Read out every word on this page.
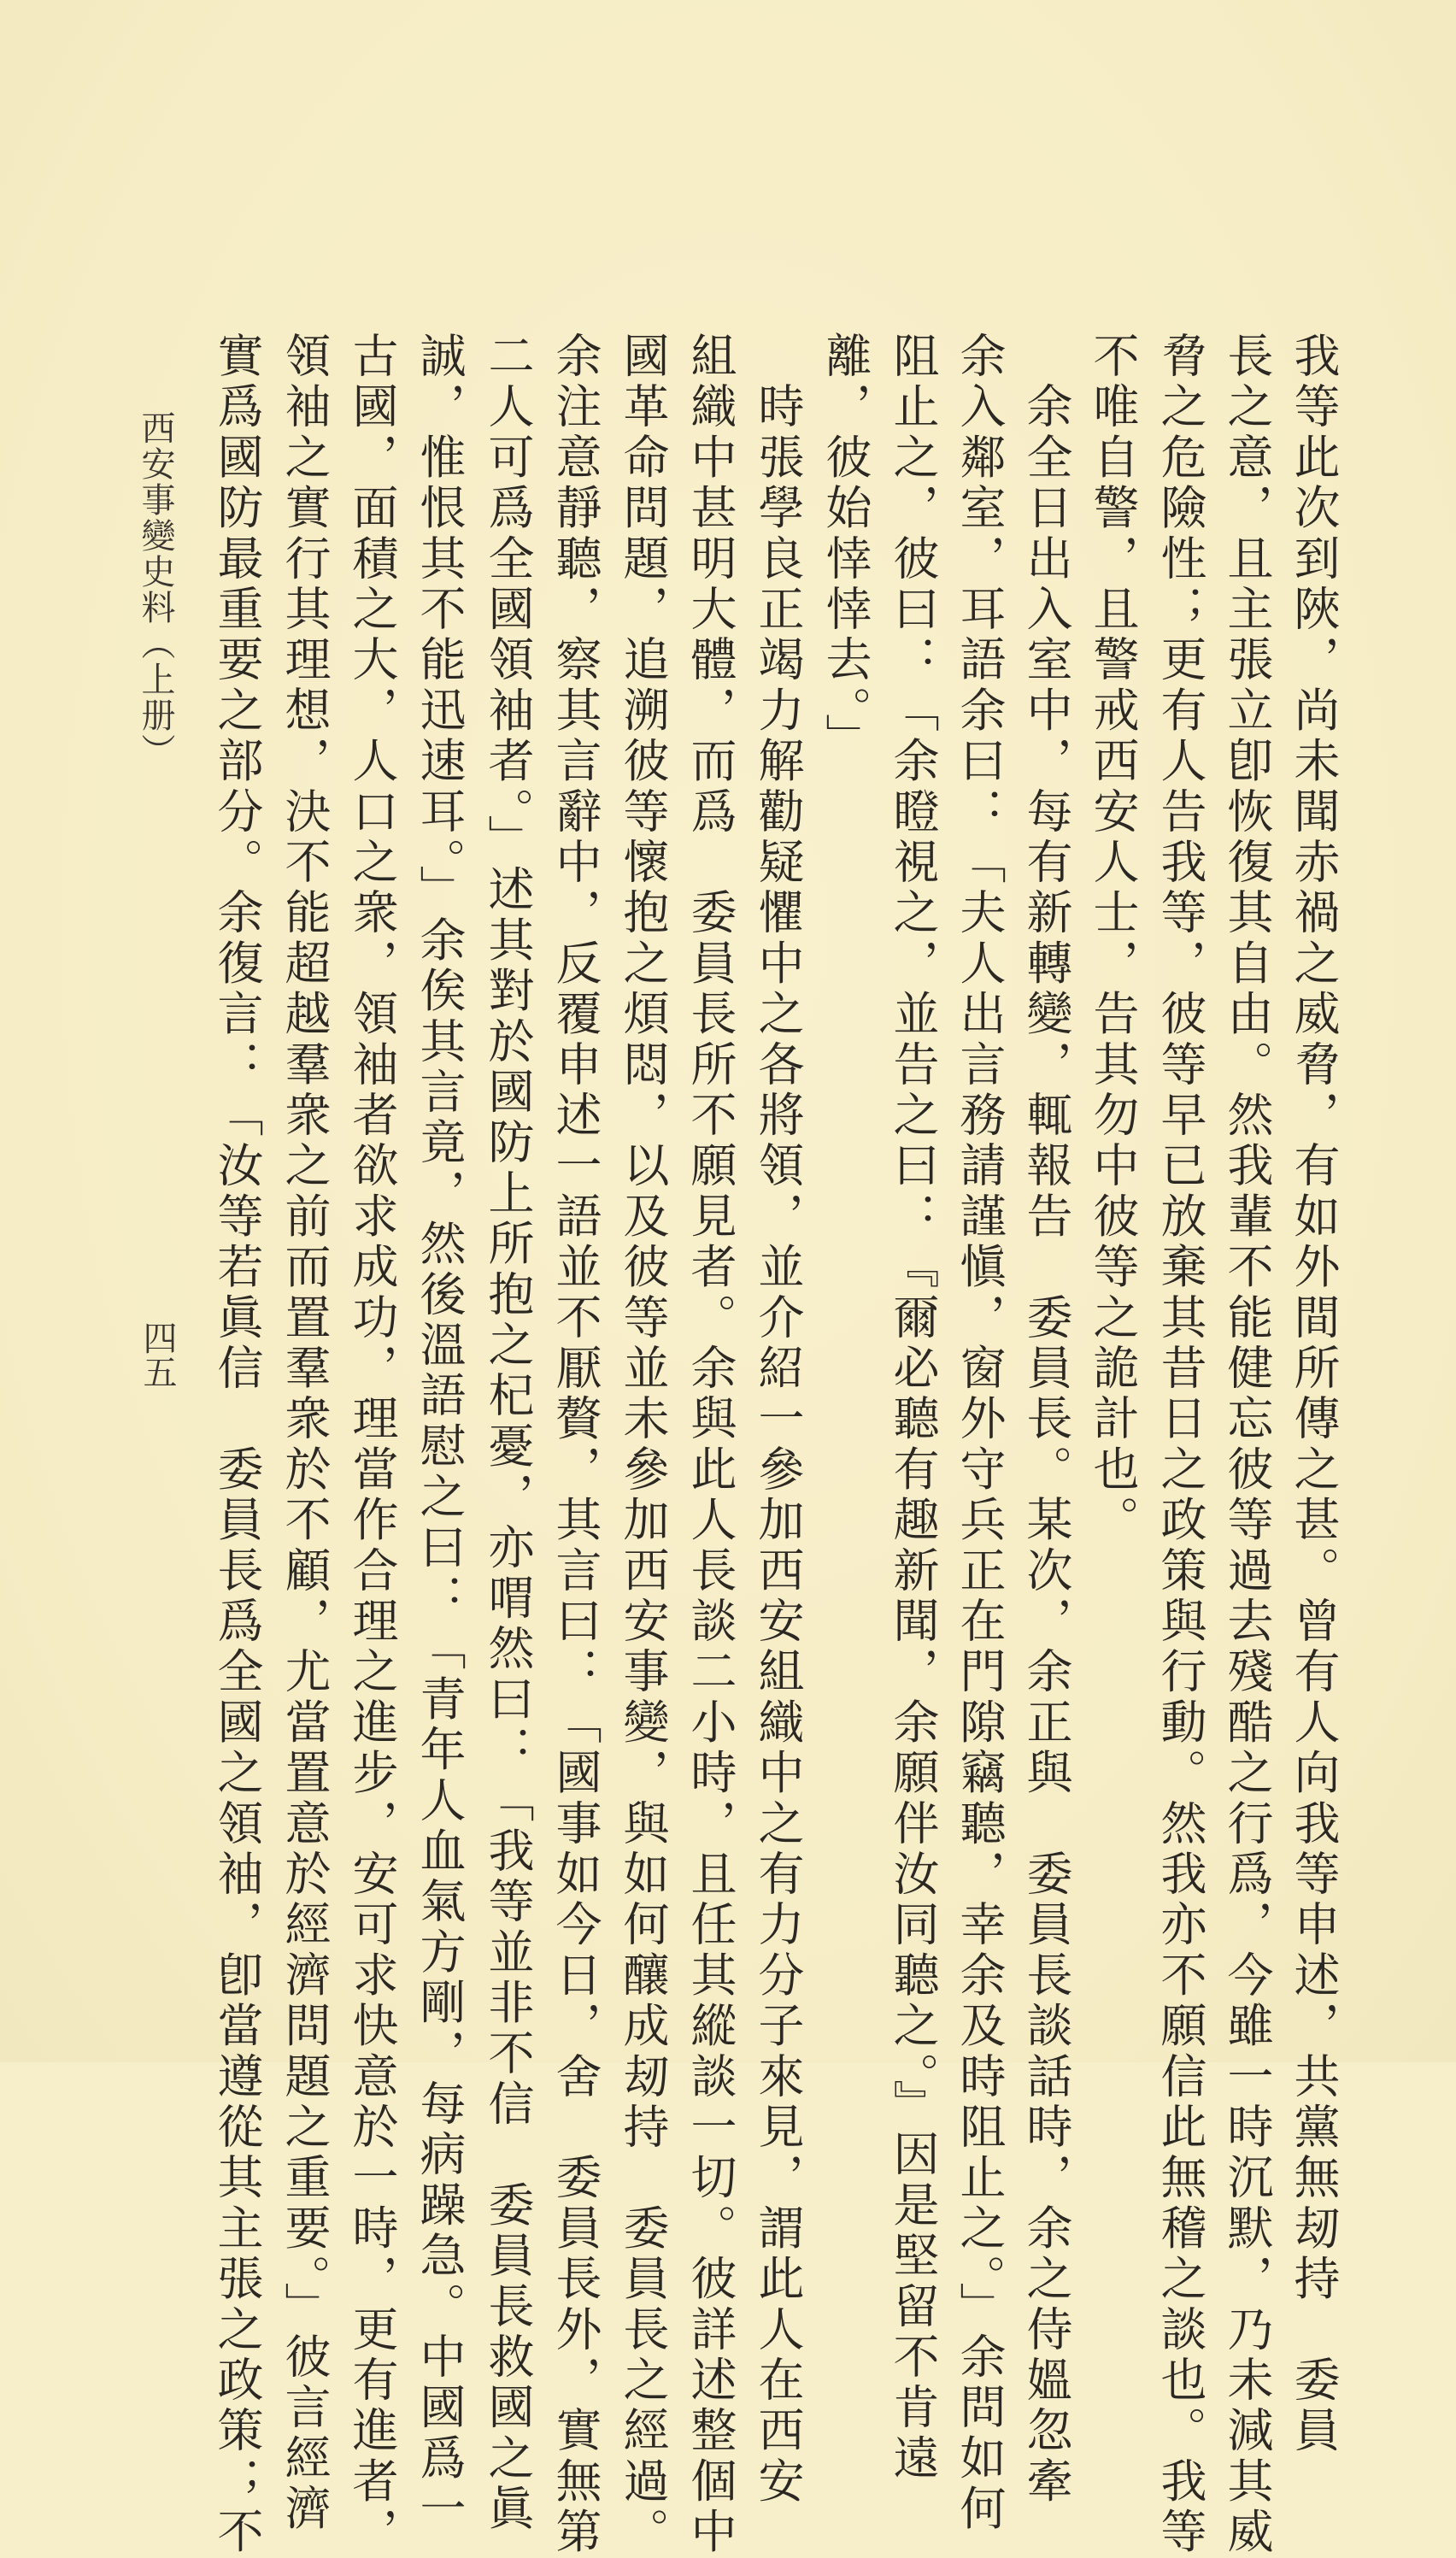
我等此次到陜，尚未聞赤禍之威脅，有如外間所傳之甚。曾有人向我等申述，共黨無刼持　委員
長之意，且主張立卽恢復其自由。然我輩不能健忘彼等過去殘酷之行爲，今雖一時沉默，乃未減其威
脅之危險性；更有人告我等，彼等早已放棄其昔日之政策與行動。然我亦不願信此無稽之談也。我等
不唯自警，且警戒西安人士，告其勿中彼等之詭計也。
　余全日出入室中，每有新轉變，輒報告　委員長。某次，余正與　委員長談話時，余之侍媼忽牽
余入鄰室，耳語余曰：「夫人出言務請謹愼，窗外守兵正在門隙竊聽，幸余及時阻止之。」余問如何
阻止之，彼曰：「余瞪視之，並告之曰：『爾必聽有趣新聞，余願伴汝同聽之。』因是堅留不肯遠
離，彼始悻悻去。」
　時張學良正竭力解勸疑懼中之各將領，並介紹一參加西安組織中之有力分子來見，謂此人在西安
組織中甚明大體，而爲　委員長所不願見者。余與此人長談二小時，且任其縱談一切。彼詳述整個中
國革命問題，追溯彼等懷抱之煩悶，以及彼等並未參加西安事變，與如何釀成刼持　委員長之經過。
余注意靜聽，察其言辭中，反覆申述一語並不厭贅，其言曰：「國事如今日，舍　委員長外，實無第
二人可爲全國領袖者。」述其對於國防上所抱之杞憂，亦喟然曰：「我等並非不信　委員長救國之眞
誠，惟恨其不能迅速耳。」余俟其言竟，然後溫語慰之曰：「青年人血氣方剛，每病躁急。中國爲一
古國，面積之大，人口之衆，領袖者欲求成功，理當作合理之進步，安可求快意於一時，更有進者，
領袖之實行其理想，決不能超越羣衆之前而置羣衆於不顧，尤當置意於經濟問題之重要。」彼言經濟
實爲國防最重要之部分。余復言：「汝等若眞信　委員長爲全國之領袖，卽當遵從其主張之政策；不
西安事變史料（上册）
四五
